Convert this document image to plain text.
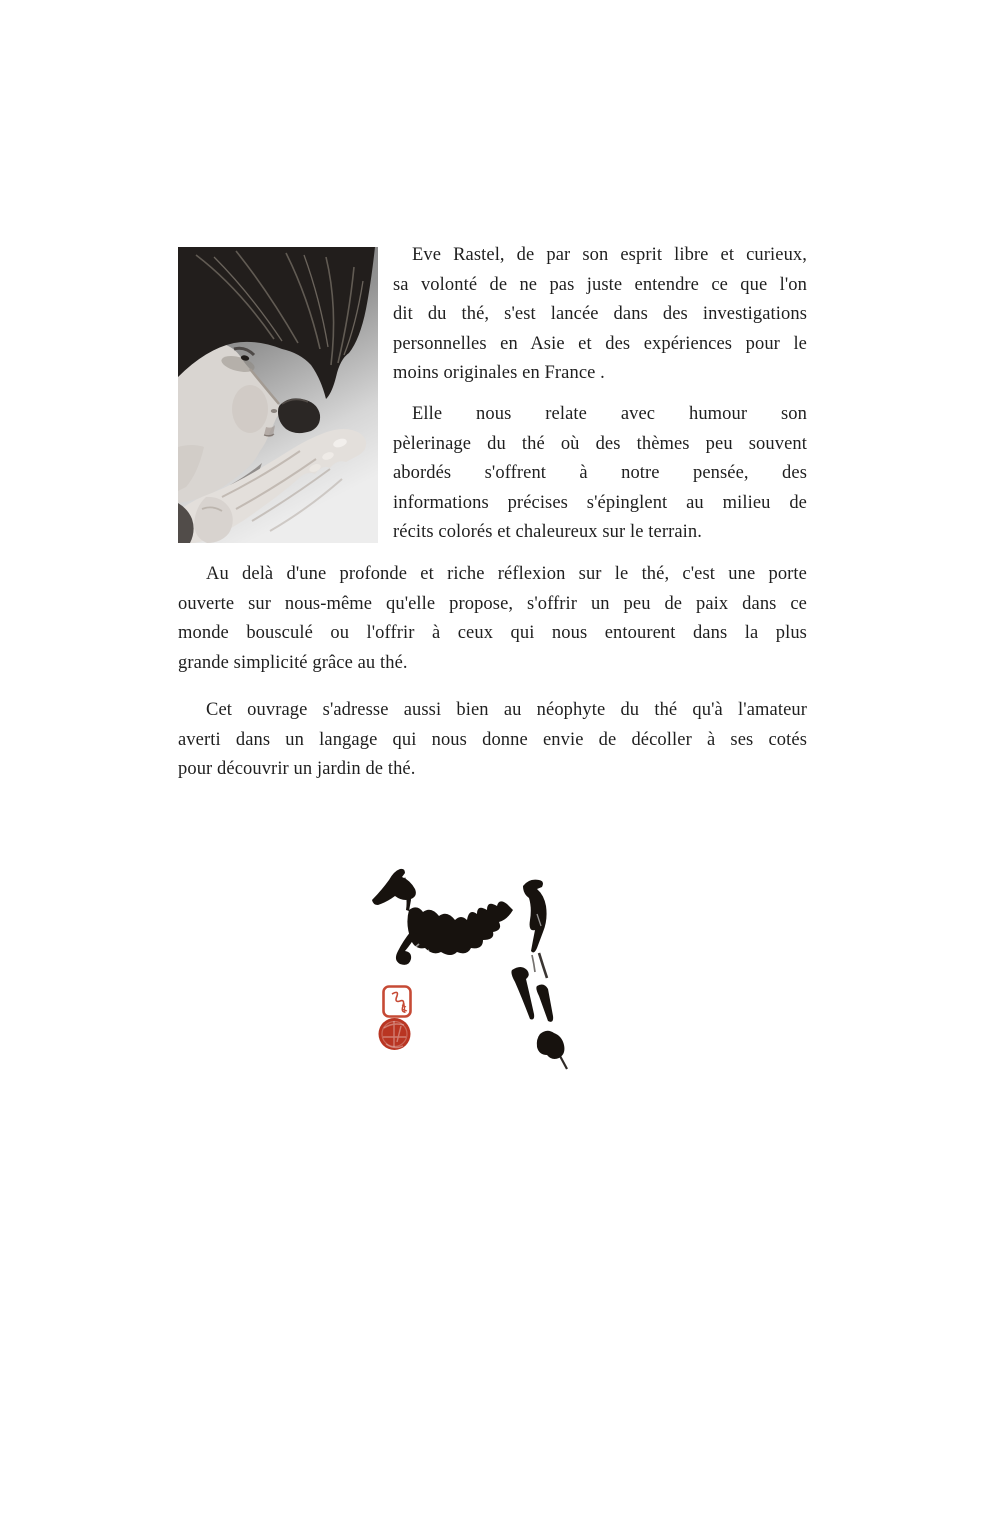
Eve Rastel, de par son esprit libre et curieux,
sa volonté de ne pas juste entendre ce que l'on
dit du thé, s'est lancée dans des investigations
personnelles en Asie et des expériences pour le
moins originales en France .
Elle nous relate avec humour son
pèlerinage du thé où des thèmes peu souvent
abordés s'offrent à notre pensée, des
informations précises s'épinglent au milieu de
récits colorés et chaleureux sur le terrain.
Au delà d'une profonde et riche réflexion sur le thé, c'est une porte
ouverte sur nous-même qu'elle propose, s'offrir un peu de paix dans ce
monde bousculé ou l'offrir à ceux qui nous entourent dans la plus
grande simplicité grâce au thé.
Cet ouvrage s'adresse aussi bien au néophyte du thé qu'à l'amateur
averti dans un langage qui nous donne envie de décoller à ses cotés
pour découvrir un jardin de thé.
